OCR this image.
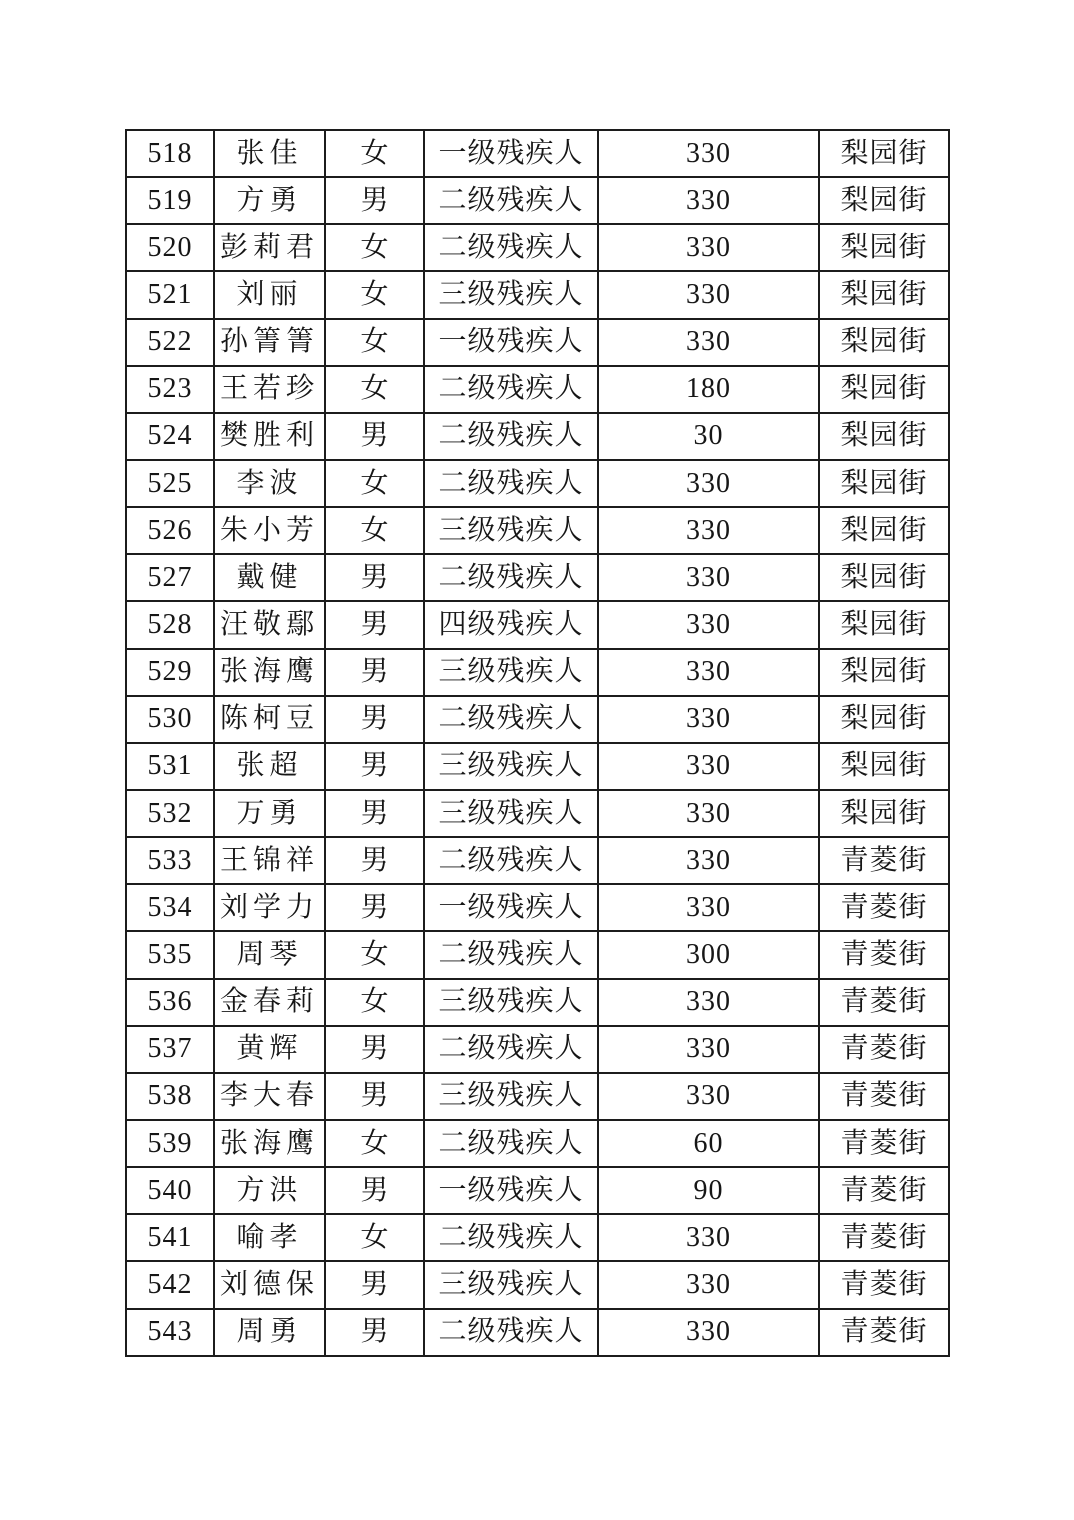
518	张佳	女	一级残疾人	330	梨园街
519	方勇	男	二级残疾人	330	梨园街
520	彭莉君	女	二级残疾人	330	梨园街
521	刘丽	女	三级残疾人	330	梨园街
522	孙箐箐	女	一级残疾人	330	梨园街
523	王若珍	女	二级残疾人	180	梨园街
524	樊胜利	男	二级残疾人	30	梨园街
525	李波	女	二级残疾人	330	梨园街
526	朱小芳	女	三级残疾人	330	梨园街
527	戴健	男	二级残疾人	330	梨园街
528	汪敬鄢	男	四级残疾人	330	梨园街
529	张海鹰	男	三级残疾人	330	梨园街
530	陈柯豆	男	二级残疾人	330	梨园街
531	张超	男	三级残疾人	330	梨园街
532	万勇	男	三级残疾人	330	梨园街
533	王锦祥	男	二级残疾人	330	青菱街
534	刘学力	男	一级残疾人	330	青菱街
535	周琴	女	二级残疾人	300	青菱街
536	金春莉	女	三级残疾人	330	青菱街
537	黄辉	男	二级残疾人	330	青菱街
538	李大春	男	三级残疾人	330	青菱街
539	张海鹰	女	二级残疾人	60	青菱街
540	方洪	男	一级残疾人	90	青菱街
541	喻孝	女	二级残疾人	330	青菱街
542	刘德保	男	三级残疾人	330	青菱街
543	周勇	男	二级残疾人	330	青菱街
